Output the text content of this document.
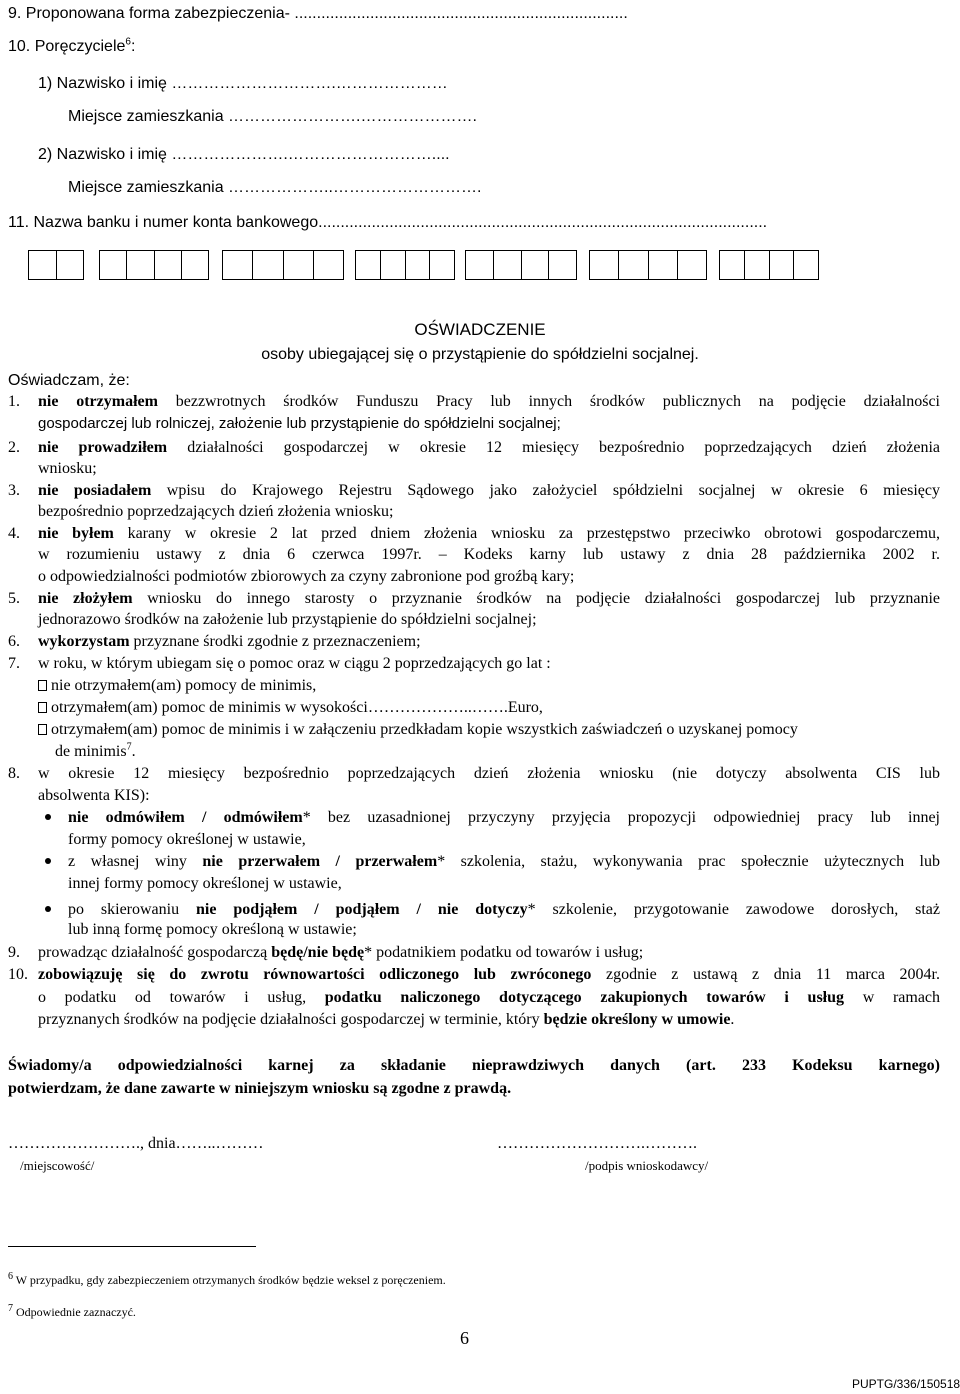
9. Proponowana forma zabezpieczenia- ...........................................................................
10. Poręczyciele$^6$:
1) Nazwisko i imię ………………………….…………………
Miejsce zamieszkania …………………….………………….
2) Nazwisko i imię ………………….………………………....
Miejsce zamieszkania ………………..……………………….
11. Nazwa banku i numer konta bankowego.....................................................................................................
OŚWIADCZENIE
osoby ubiegającej się o przystąpienie do spółdzielni socjalnej.
Oświadczam, że:
1. nie otrzymałem bezzwrotnych środków Funduszu Pracy lub innych środków publicznych na podjęcie działalności
gospodarczej lub rolniczej, założenie lub przystąpienie do spółdzielni socjalnej;
2. nie prowadziłem działalności gospodarczej w okresie 12 miesięcy bezpośrednio poprzedzających dzień złożenia
wniosku;
3. nie posiadałem wpisu do Krajowego Rejestru Sądowego jako założyciel spółdzielni socjalnej w okresie 6 miesięcy
bezpośrednio poprzedzających dzień złożenia wniosku;
4. nie byłem karany w okresie 2 lat przed dniem złożenia wniosku za przestępstwo przeciwko obrotowi gospodarczemu,
w rozumieniu ustawy z dnia 6 czerwca 1997r. – Kodeks karny lub ustawy z dnia 28 października 2002 r.
o odpowiedzialności podmiotów zbiorowych za czyny zabronione pod groźbą kary;
5. nie złożyłem wniosku do innego starosty o przyznanie środków na podjęcie działalności gospodarczej lub przyznanie
jednorazowo środków na założenie lub przystąpienie do spółdzielni socjalnej;
6. wykorzystam przyznane środki zgodnie z przeznaczeniem;
7. w roku, w którym ubiegam się o pomoc oraz w ciągu 2 poprzedzających go lat :
nie otrzymałem(am) pomocy de minimis,
otrzymałem(am) pomoc de minimis w wysokości………………..…….Euro,
otrzymałem(am) pomoc de minimis i w załączeniu przedkładam kopie wszystkich zaświadczeń o uzyskanej pomocy
de minimis$^7$.
8. w okresie 12 miesięcy bezpośrednio poprzedzających dzień złożenia wniosku (nie dotyczy absolwenta CIS lub
absolwenta KIS):
nie odmówiłem / odmówiłem* bez uzasadnionej przyczyny przyjęcia propozycji odpowiedniej pracy lub innej
formy pomocy określonej w ustawie,
z własnej winy nie przerwałem / przerwałem* szkolenia, stażu, wykonywania prac społecznie użytecznych lub
innej formy pomocy określonej w ustawie,
po skierowaniu nie podjąłem / podjąłem / nie dotyczy* szkolenie, przygotowanie zawodowe dorosłych, staż
lub inną formę pomocy określoną w ustawie;
9. prowadząc działalność gospodarczą będę/nie będę* podatnikiem podatku od towarów i usług;
10. zobowiązuję się do zwrotu równowartości odliczonego lub zwróconego zgodnie z ustawą z dnia 11 marca 2004r.
o podatku od towarów i usług, podatku naliczonego dotyczącego zakupionych towarów i usług w ramach
przyznanych środków na podjęcie działalności gospodarczej w terminie, który będzie określony w umowie.
Świadomy/a odpowiedzialności karnej za składanie nieprawdziwych danych (art. 233 Kodeksu karnego)
potwierdzam, że dane zawarte w niniejszym wniosku są zgodne z prawdą.
……………………., dnia……..………	……………………….……….
/miejscowość/	/podpis wnioskodawcy/
$^6$ W przypadku, gdy zabezpieczeniem otrzymanych środków będzie weksel z poręczeniem.
$^7$ Odpowiednie zaznaczyć.
6
PUPTG/336/150518
